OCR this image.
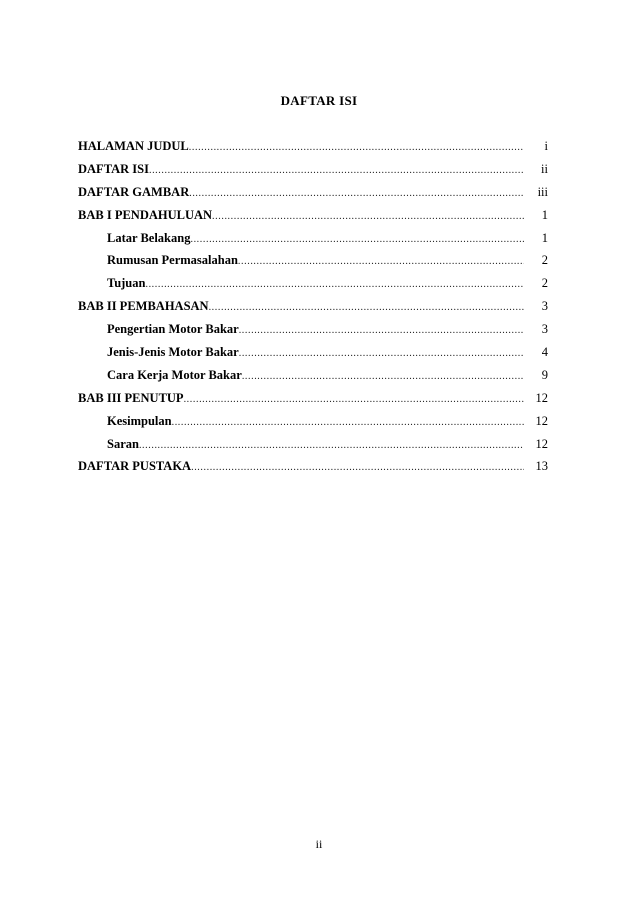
DAFTAR ISI
HALAMAN JUDUL .....	i
DAFTAR ISI .....	ii
DAFTAR GAMBAR .....	iii
BAB I PENDAHULUAN .....	1
Latar Belakang .....	1
Rumusan Permasalahan .....	2
Tujuan .....	2
BAB II PEMBAHASAN .....	3
Pengertian Motor Bakar .....	3
Jenis-Jenis Motor Bakar .....	4
Cara Kerja Motor Bakar .....	9
BAB III PENUTUP .....	12
Kesimpulan .....	12
Saran .....	12
DAFTAR PUSTAKA .....	13
ii
